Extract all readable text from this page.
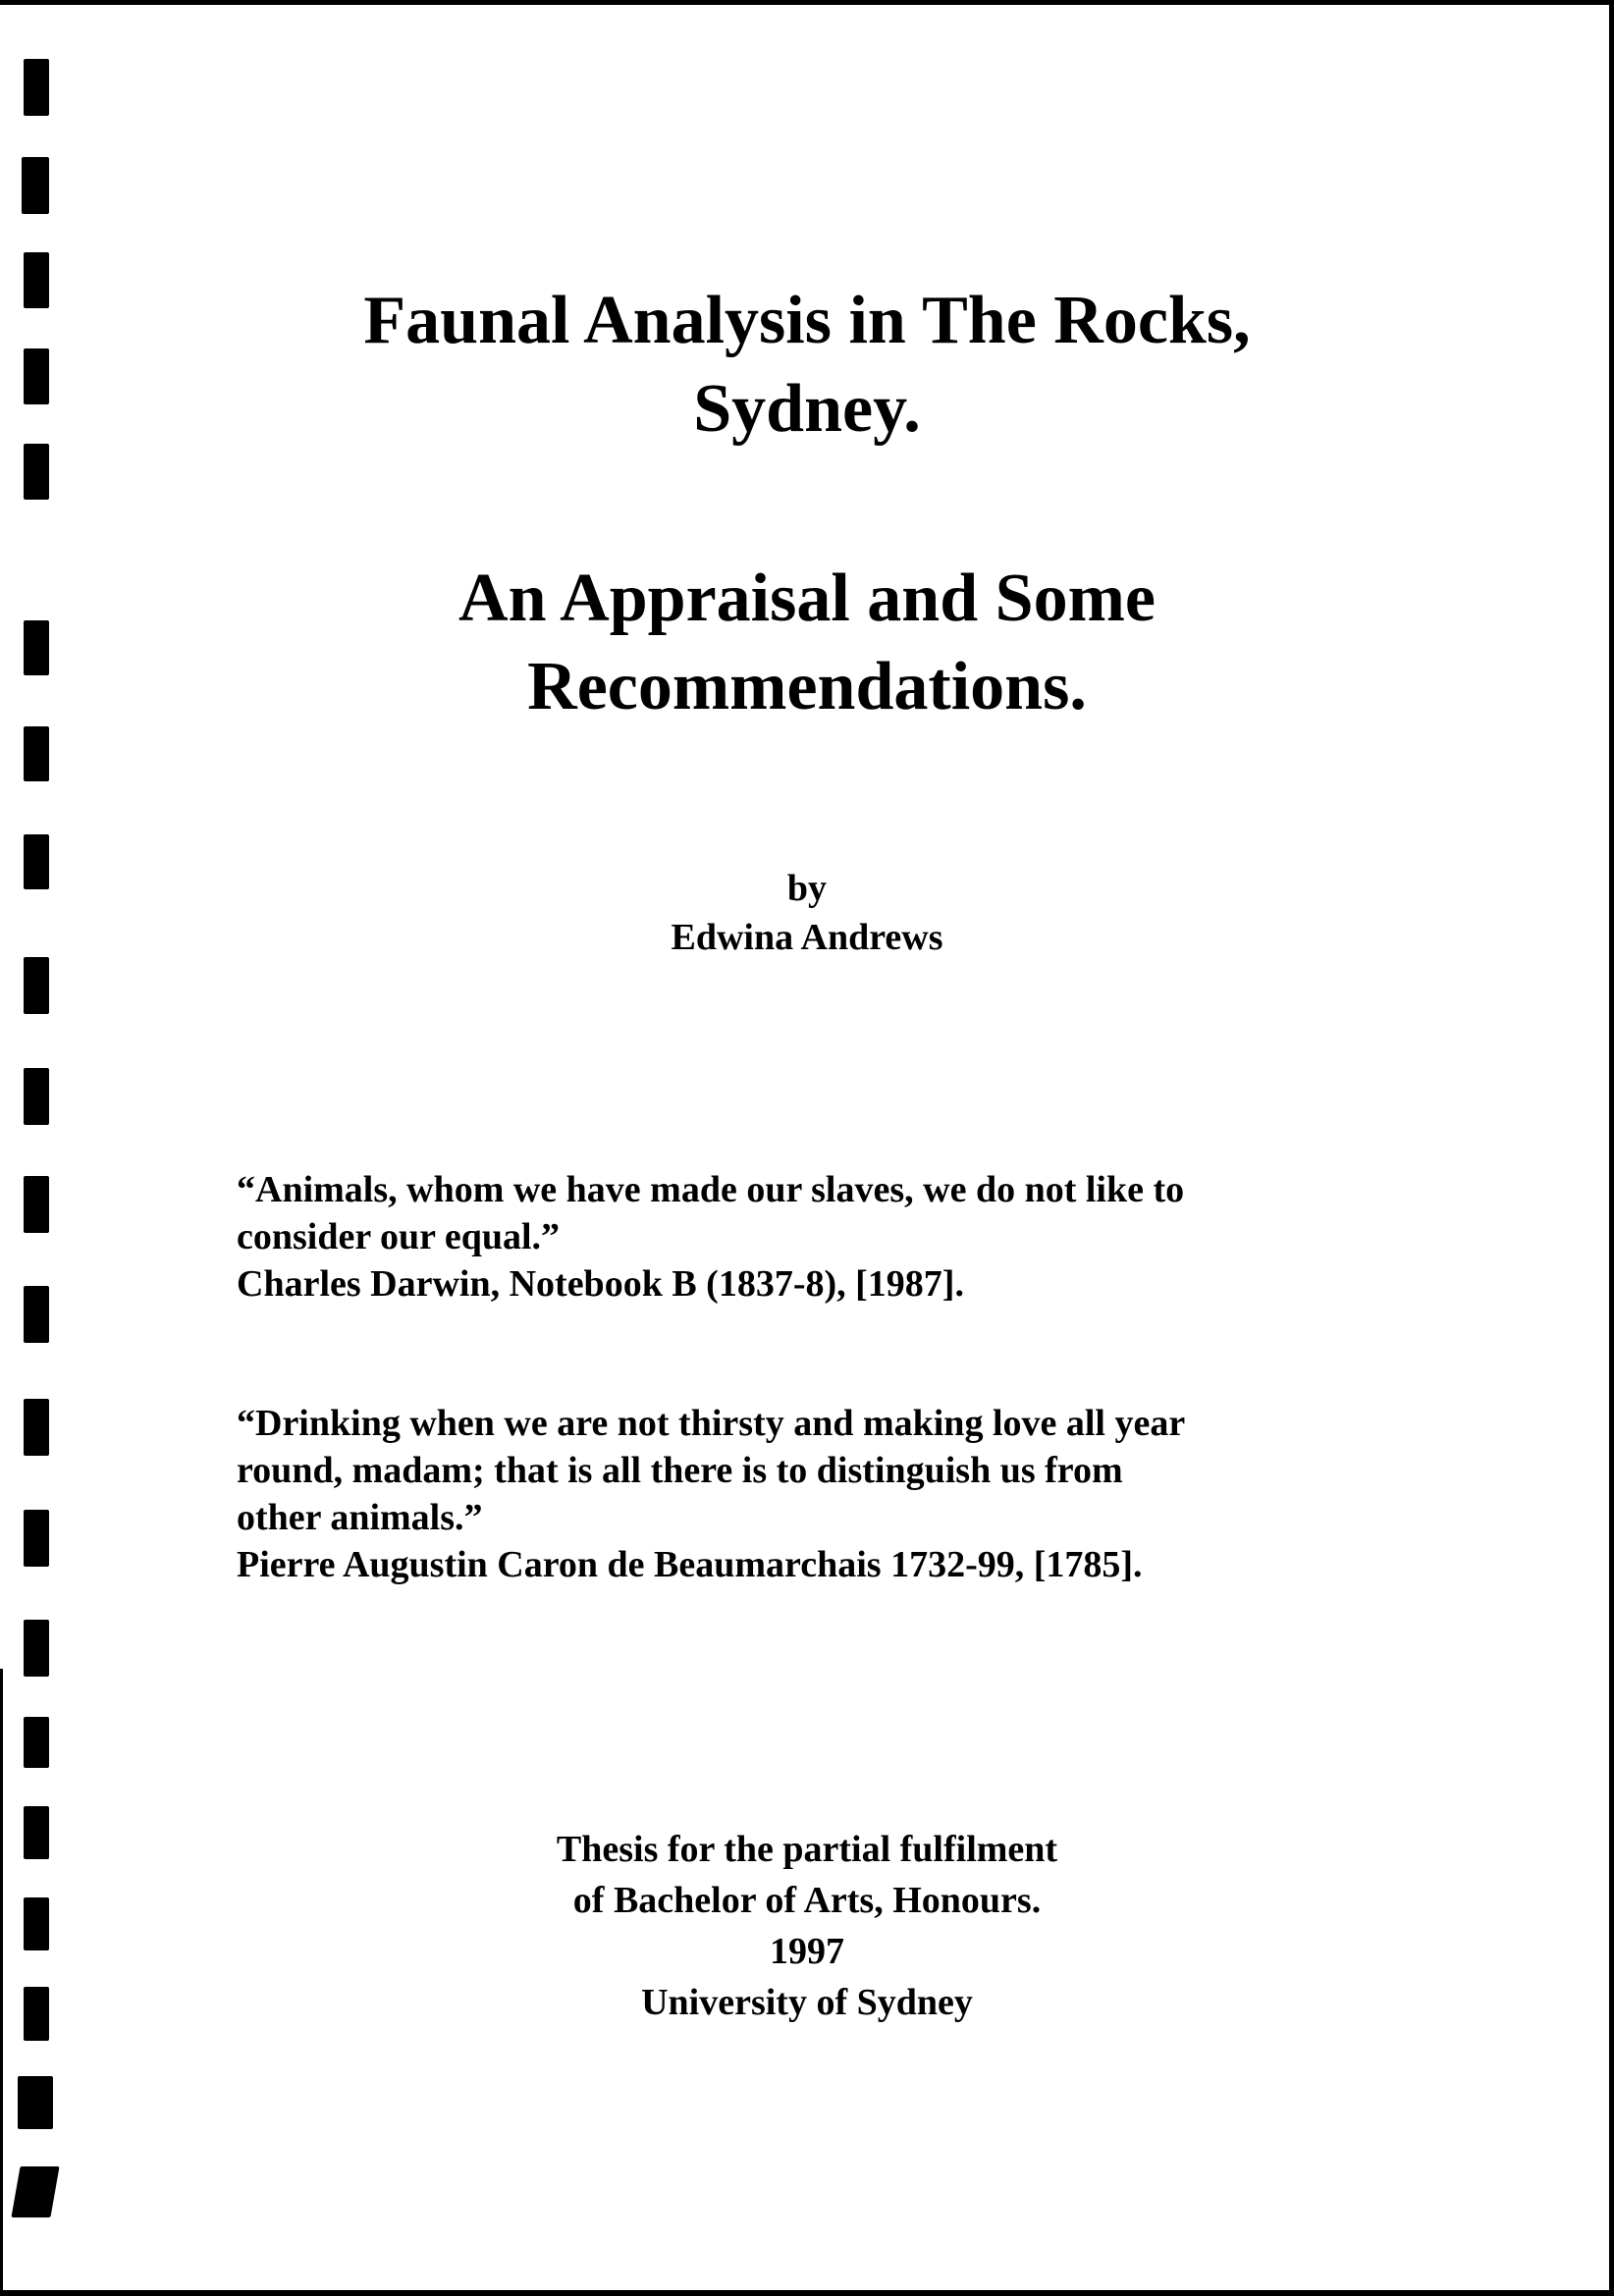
Faunal Analysis in The Rocks,
Sydney.
An Appraisal and Some
Recommendations.
by
Edwina Andrews
“Animals, whom we have made our slaves, we do not like to
consider our equal.”
Charles Darwin, Notebook B (1837-8), [1987].
“Drinking when we are not thirsty and making love all year
round, madam; that is all there is to distinguish us from
other animals.”
Pierre Augustin Caron de Beaumarchais 1732-99, [1785].
Thesis for the partial fulfilment
of Bachelor of Arts, Honours.
1997
University of Sydney
